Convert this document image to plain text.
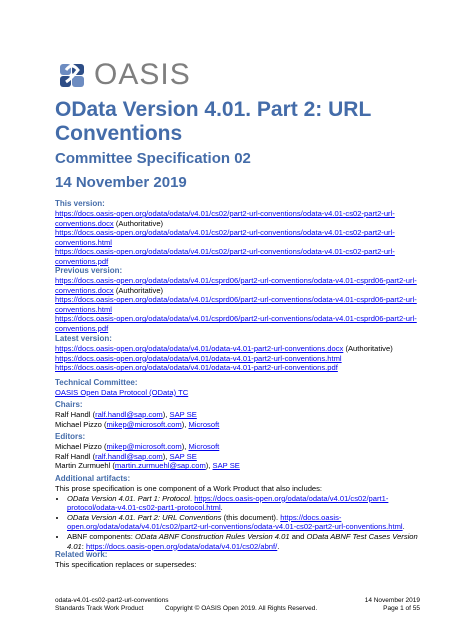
OASIS
OData Version 4.01. Part 2: URL Conventions
Committee Specification 02
14 November 2019
This version:
https://docs.oasis-open.org/odata/odata/v4.01/cs02/part2-url-conventions/odata-v4.01-cs02-part2-url-conventions.docx (Authoritative)
https://docs.oasis-open.org/odata/odata/v4.01/cs02/part2-url-conventions/odata-v4.01-cs02-part2-url-conventions.html
https://docs.oasis-open.org/odata/odata/v4.01/cs02/part2-url-conventions/odata-v4.01-cs02-part2-url-conventions.pdf
Previous version:
https://docs.oasis-open.org/odata/odata/v4.01/csprd06/part2-url-conventions/odata-v4.01-csprd06-part2-url-conventions.docx (Authoritative)
https://docs.oasis-open.org/odata/odata/v4.01/csprd06/part2-url-conventions/odata-v4.01-csprd06-part2-url-conventions.html
https://docs.oasis-open.org/odata/odata/v4.01/csprd06/part2-url-conventions/odata-v4.01-csprd06-part2-url-conventions.pdf
Latest version:
https://docs.oasis-open.org/odata/odata/v4.01/odata-v4.01-part2-url-conventions.docx (Authoritative)
https://docs.oasis-open.org/odata/odata/v4.01/odata-v4.01-part2-url-conventions.html
https://docs.oasis-open.org/odata/odata/v4.01/odata-v4.01-part2-url-conventions.pdf
Technical Committee:
OASIS Open Data Protocol (OData) TC
Chairs:
Ralf Handl (ralf.handl@sap.com), SAP SE
Michael Pizzo (mikep@microsoft.com), Microsoft
Editors:
Michael Pizzo (mikep@microsoft.com), Microsoft
Ralf Handl (ralf.handl@sap.com), SAP SE
Martin Zurmuehl (martin.zurmuehl@sap.com), SAP SE
Additional artifacts:
This prose specification is one component of a Work Product that also includes:
• OData Version 4.01. Part 1: Protocol. https://docs.oasis-open.org/odata/odata/v4.01/cs02/part1-protocol/odata-v4.01-cs02-part1-protocol.html.
• OData Version 4.01. Part 2: URL Conventions (this document). https://docs.oasis-open.org/odata/odata/v4.01/cs02/part2-url-conventions/odata-v4.01-cs02-part2-url-conventions.html.
• ABNF components: OData ABNF Construction Rules Version 4.01 and OData ABNF Test Cases Version 4.01: https://docs.oasis-open.org/odata/odata/v4.01/cs02/abnf/.
Related work:
This specification replaces or supersedes:
odata-v4.01-cs02-part2-url-conventions	14 November 2019
Standards Track Work Product	Copyright © OASIS Open 2019. All Rights Reserved.	Page 1 of 55
